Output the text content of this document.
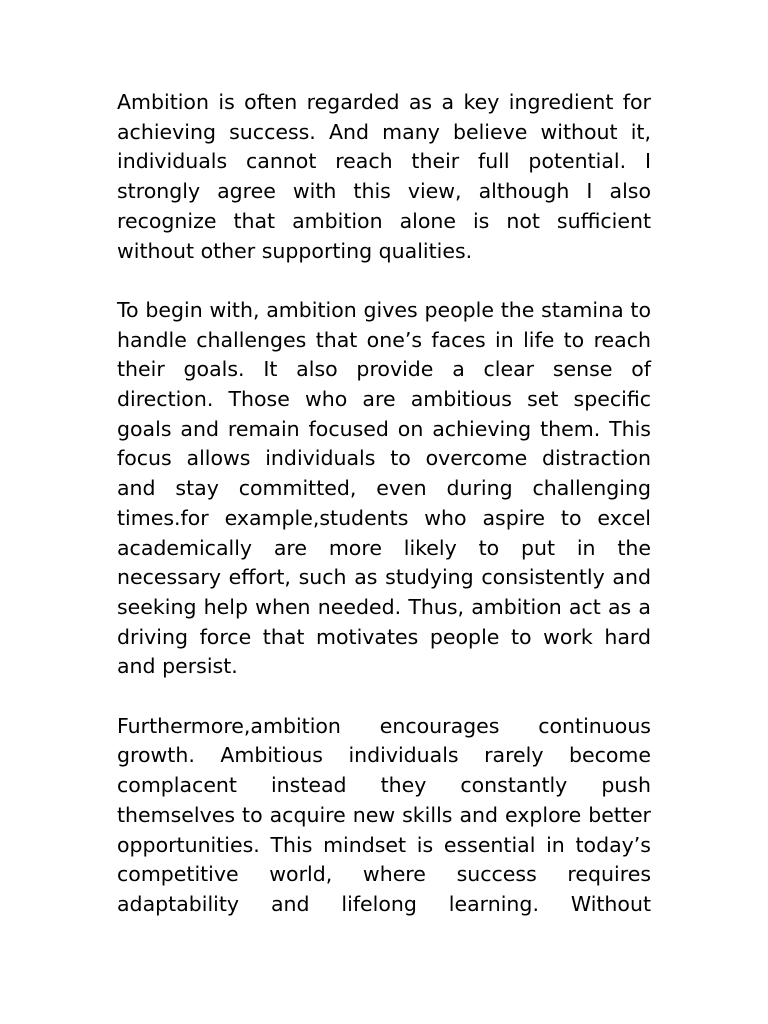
Ambition is often regarded as a key ingredient for achieving success. And many believe without it, individuals cannot reach their full potential. I strongly agree with this view, although I also recognize that ambition alone is not sufficient without other supporting qualities.

To begin with, ambition gives people the stamina to handle challenges that one’s faces in life to reach their goals. It also provide a clear sense of direction. Those who are ambitious set specific goals and remain focused on achieving them. This focus allows individuals to overcome distraction and stay committed, even during challenging times.for example,students who aspire to excel academically are more likely to put in the necessary effort, such as studying consistently and seeking help when needed. Thus, ambition act as a driving force that motivates people to work hard and persist.

Furthermore,ambition encourages continuous growth. Ambitious individuals rarely become complacent instead they constantly push themselves to acquire new skills and explore better opportunities. This mindset is essential in today’s competitive world, where success requires adaptability and lifelong learning. Without
